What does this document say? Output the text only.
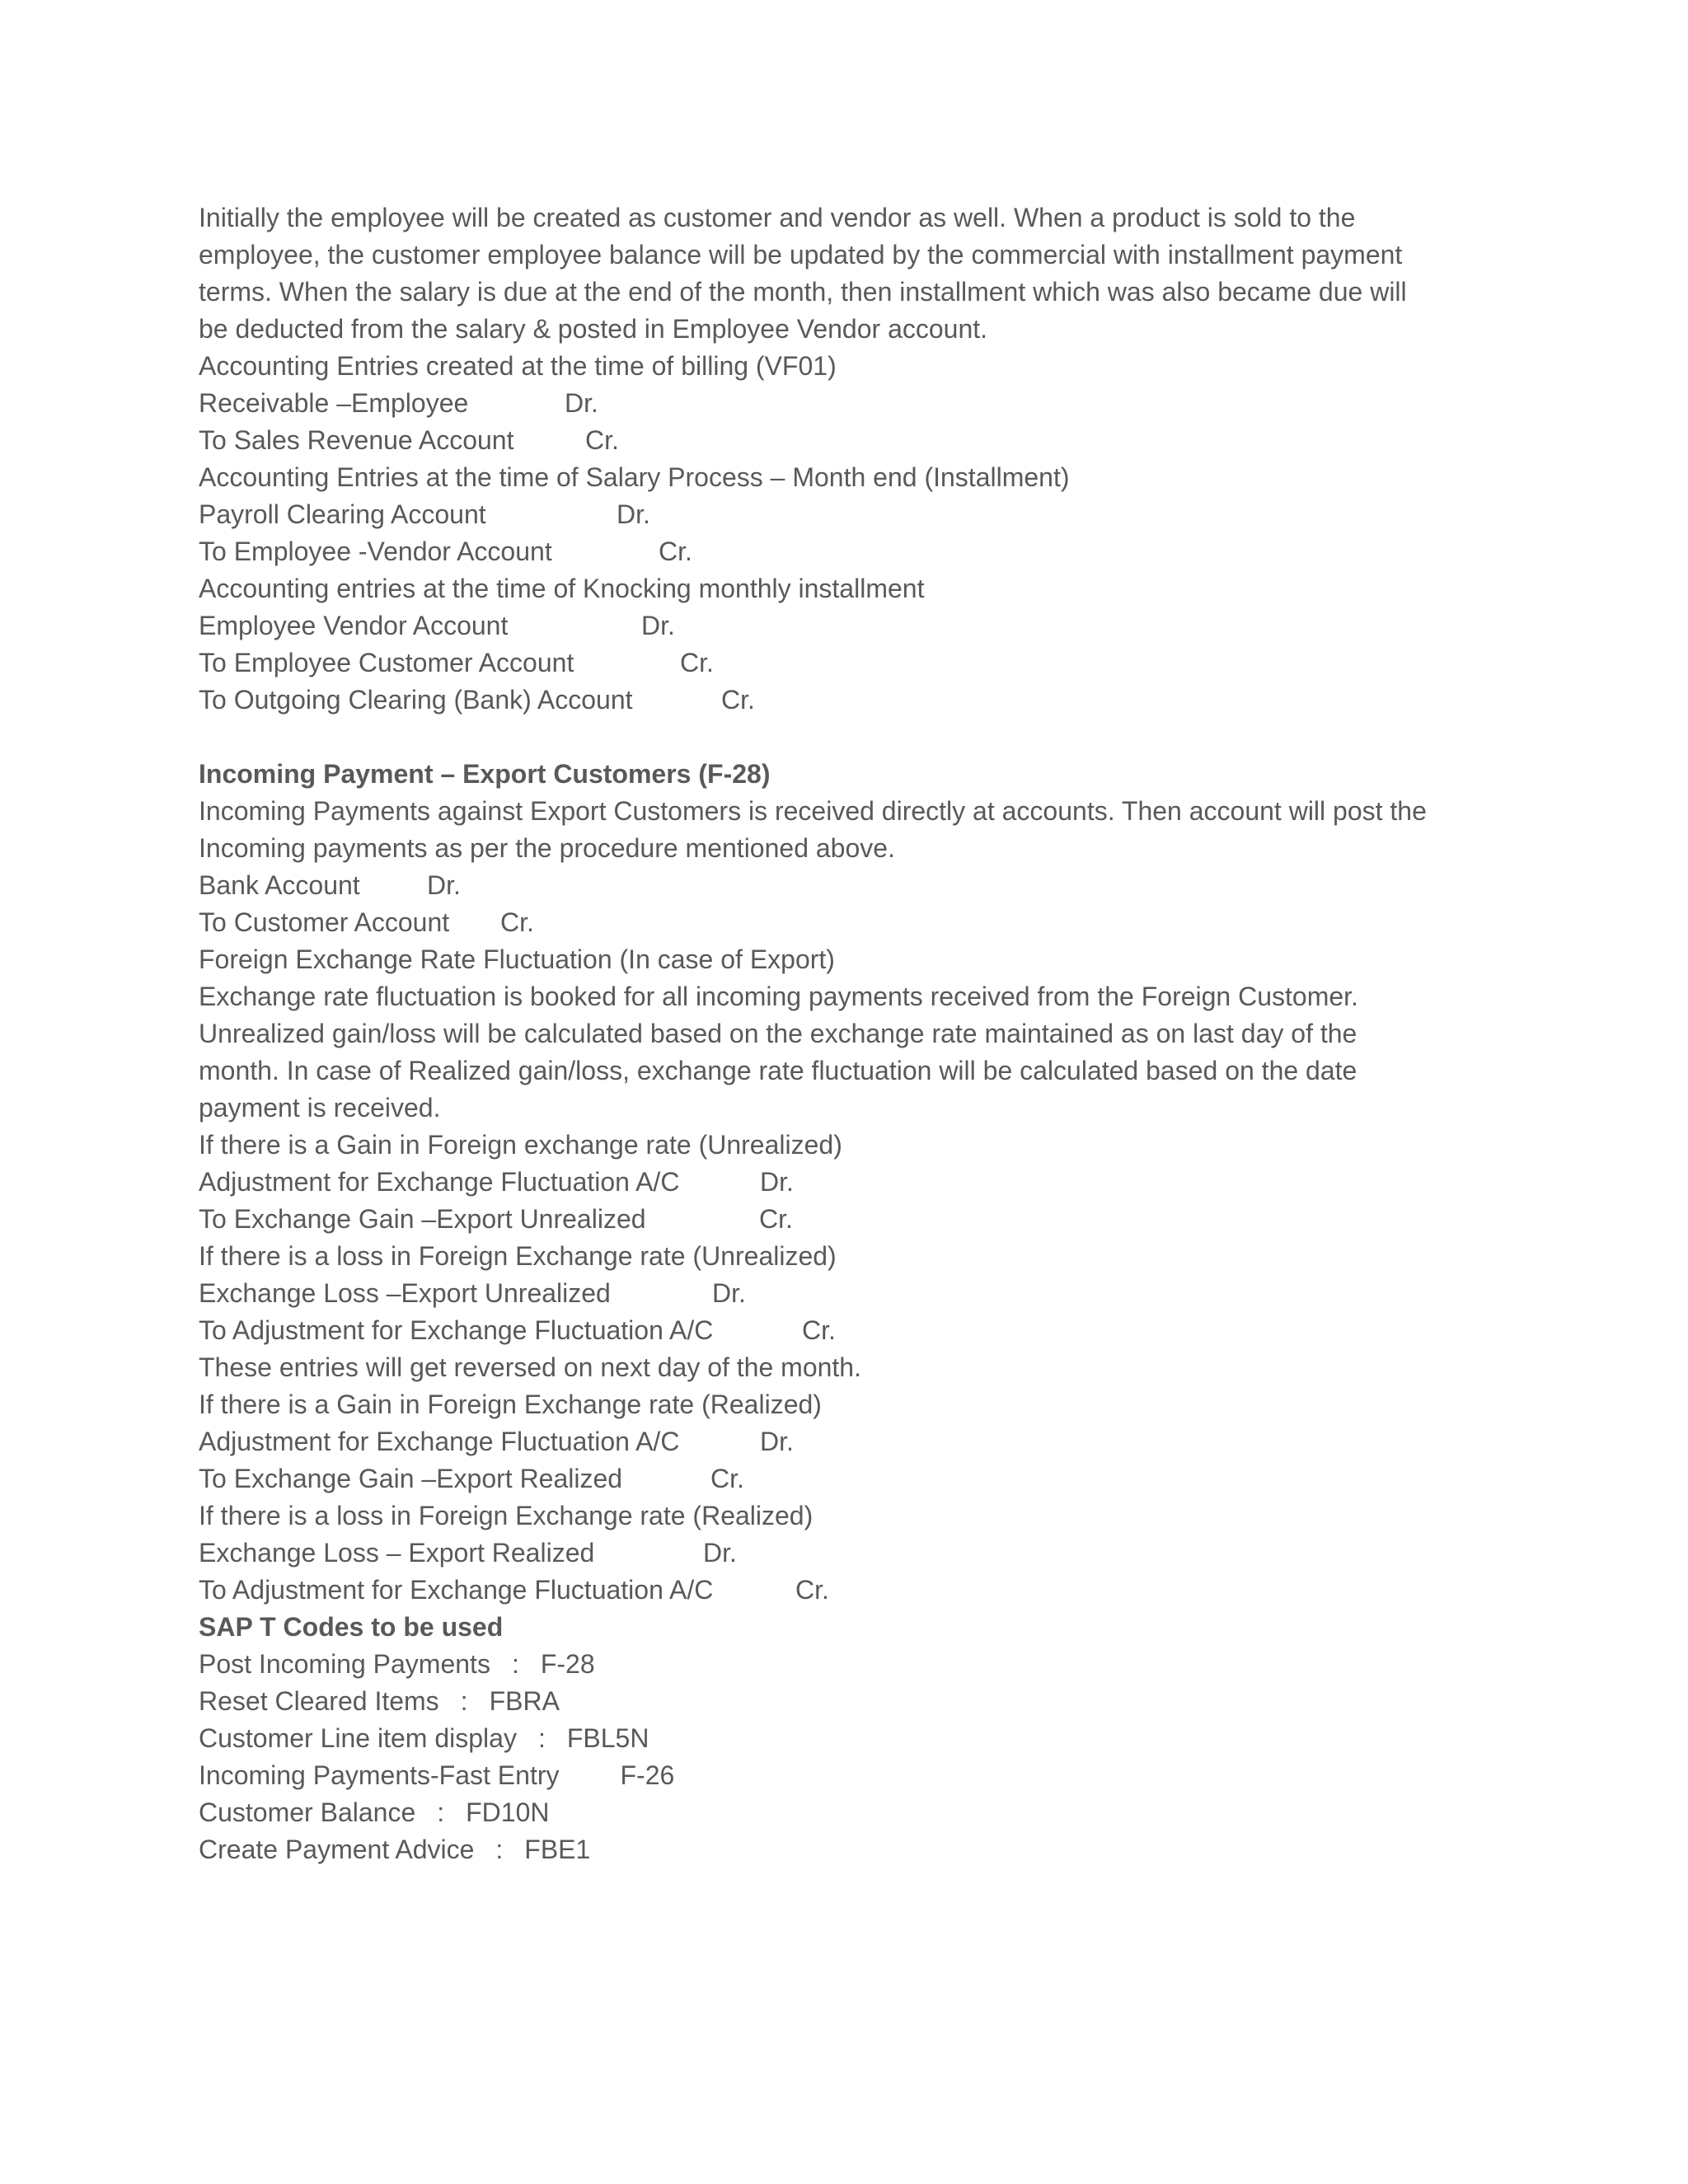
Initially the employee will be created as customer and vendor as well. When a product is sold to the
employee, the customer employee balance will be updated by the commercial with installment payment
terms. When the salary is due at the end of the month, then installment which was also became due will
be deducted from the salary & posted in Employee Vendor account.
Accounting Entries created at the time of billing (VF01)
Receivable –Employee	Dr.
To Sales Revenue Account	Cr.
Accounting Entries at the time of Salary Process – Month end (Installment)
Payroll Clearing Account	Dr.
To Employee -Vendor Account	Cr.
Accounting entries at the time of Knocking monthly installment
Employee Vendor Account	Dr.
To Employee Customer Account	Cr.
To Outgoing Clearing (Bank) Account	Cr.
Incoming Payment – Export Customers (F-28)
Incoming Payments against Export Customers is received directly at accounts. Then account will post the
Incoming payments as per the procedure mentioned above.
Bank Account	Dr.
To Customer Account Cr.
Foreign Exchange Rate Fluctuation (In case of Export)
Exchange rate fluctuation is booked for all incoming payments received from the Foreign Customer.
Unrealized gain/loss will be calculated based on the exchange rate maintained as on last day of the
month. In case of Realized gain/loss, exchange rate fluctuation will be calculated based on the date
payment is received.
If there is a Gain in Foreign exchange rate (Unrealized)
Adjustment for Exchange Fluctuation A/C	Dr.
To Exchange Gain –Export Unrealized	Cr.
If there is a loss in Foreign Exchange rate (Unrealized)
Exchange Loss –Export Unrealized	Dr.
To Adjustment for Exchange Fluctuation A/C	Cr.
These entries will get reversed on next day of the month.
If there is a Gain in Foreign Exchange rate (Realized)
Adjustment for Exchange Fluctuation A/C	Dr.
To Exchange Gain –Export Realized	Cr.
If there is a loss in Foreign Exchange rate (Realized)
Exchange Loss – Export Realized	Dr.
To Adjustment for Exchange Fluctuation A/C	Cr.
SAP T Codes to be used
Post Incoming Payments : F-28
Reset Cleared Items : FBRA
Customer Line item display : FBL5N
Incoming Payments-Fast Entry F-26
Customer Balance : FD10N
Create Payment Advice : FBE1
